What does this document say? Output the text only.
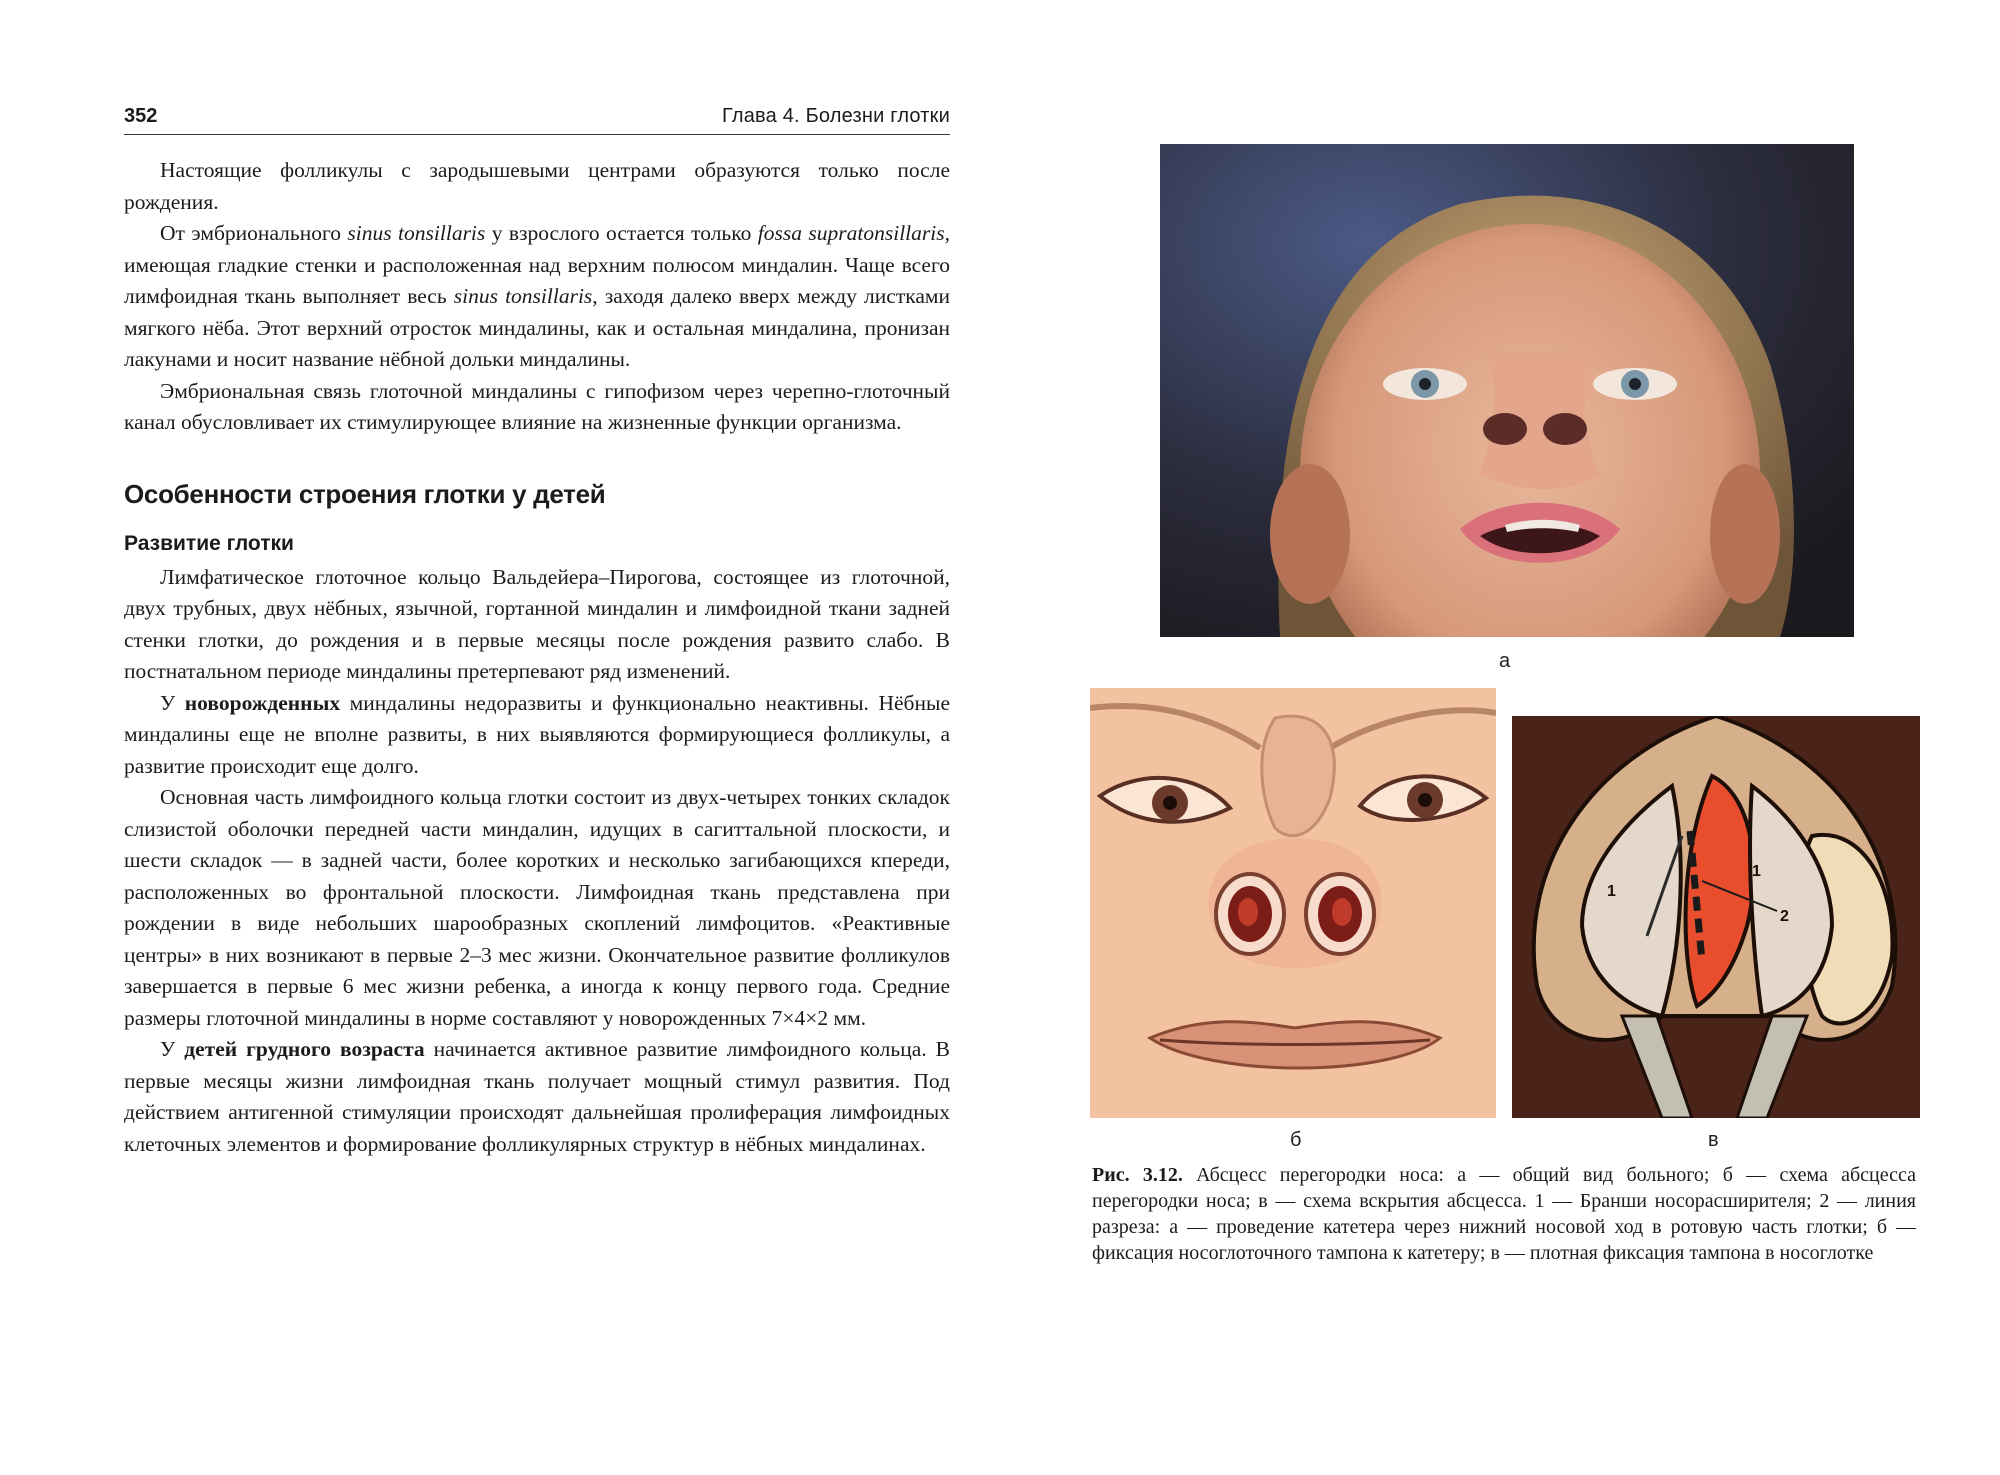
352	Глава 4. Болезни глотки

Настоящие фолликулы с зародышевыми центрами образуются только после рождения.

От эмбрионального sinus tonsillaris у взрослого остается только fossa supratonsillaris, имеющая гладкие стенки и расположенная над верхним полюсом миндалин. Чаще всего лимфоидная ткань выполняет весь sinus tonsillaris, заходя далеко вверх между листками мягкого нёба. Этот верхний отросток миндалины, как и остальная миндалина, пронизан лакунами и носит название нёбной дольки миндалины.

Эмбриональная связь глоточной миндалины с гипофизом через черепно-глоточный канал обусловливает их стимулирующее влияние на жизненные функции организма.

Особенности строения глотки у детей
Развитие глотки

Лимфатическое глоточное кольцо Вальдейера–Пирогова, состоящее из глоточной, двух трубных, двух нёбных, язычной, гортанной миндалин и лимфоидной ткани задней стенки глотки, до рождения и в первые месяцы после рождения развито слабо. В постнатальном периоде миндалины претерпевают ряд изменений.

У новорожденных миндалины недоразвиты и функционально неактивны. Нёбные миндалины еще не вполне развиты, в них выявляются формирующиеся фолликулы, а развитие происходит еще долго.

Основная часть лимфоидного кольца глотки состоит из двух-четырех тонких складок слизистой оболочки передней части миндалин, идущих в сагиттальной плоскости, и шести складок — в задней части, более коротких и несколько загибающихся кпереди, расположенных во фронтальной плоскости. Лимфоидная ткань представлена при рождении в виде небольших шарообразных скоплений лимфоцитов. «Реактивные центры» в них возникают в первые 2–3 мес жизни. Окончательное развитие фолликулов завершается в первые 6 мес жизни ребенка, а иногда к концу первого года. Средние размеры глоточной миндалины в норме составляют у новорожденных 7×4×2 мм.

У детей грудного возраста начинается активное развитие лимфоидного кольца. В первые месяцы жизни лимфоидная ткань получает мощный стимул развития. Под действием антигенной стимуляции происходят дальнейшая пролиферация лимфоидных клеточных элементов и формирование фолликулярных структур в нёбных миндалинах.

а
б
1
1
2
в
Рис. 3.12. Абсцесс перегородки носа: а — общий вид больного; б — схема абсцесса перегородки носа; в — схема вскрытия абсцесса. 1 — Бранши носорасширителя; 2 — линия разреза: а — проведение катетера через нижний носовой ход в ротовую часть глотки; б — фиксация носоглоточного тампона к катетеру; в — плотная фиксация тампона в носоглотке
